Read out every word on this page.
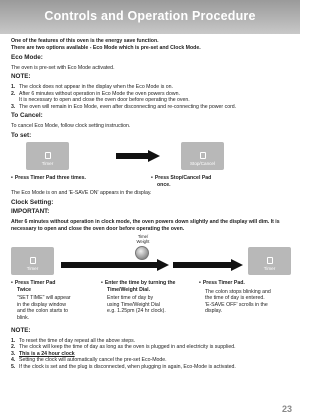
Controls and Operation Procedure
One of the features of this oven is the energy save function.
There are two options available - Eco Mode which is pre-set and Clock Mode.
Eco Mode:

The oven is pre-set with Eco Mode activated.

NOTE:
1. The clock does not appear in the display when the Eco Mode is on.
2. After 6 minutes without operation in Eco Mode the oven powers down.
It is necessary to open and close the oven door before operating the oven.
3. The oven will remain in Eco Mode, even after disconnecting and re-connecting the power cord.
To Cancel:

To cancel Eco Mode, follow clock setting instruction.

To set:
Timer	Stop/Cancel
• Press Timer Pad three times.	• Press Stop/Cancel Pad
once.

The Eco Mode is on and 'E-SAVE ON' appears in the display.

Clock Setting:
IMPORTANT:

After 6 minutes without operation in clock mode, the oven powers down slightly and the display will dim. It is necessary to open and close the oven door before operating the oven.

Time/
Weight
Timer	Timer
• Press Timer Pad
Twice
"SET TIME" will appear
in the display window
and the colon starts to
blink.
• Enter the time by turning the
Time/Weight Dial.
Enter time of day by
using Time/Weight Dial
e.g. 1.25pm (24 hr clock).
• Press Timer Pad.
The colon stops blinking and
the time of day is entered.
'E-SAVE OFF' scrolls in the
display.
NOTE:
1. To reset the time of day repeat all the above steps.
2. The clock will keep the time of day as long as the oven is plugged in and electricity is supplied.
3. This is a 24 hour clock
4. Setting the clock will automatically cancel the pre-set Eco-Mode.
5. If the clock is set and the plug is disconnected, when plugging in again, Eco-Mode is activated.
23
